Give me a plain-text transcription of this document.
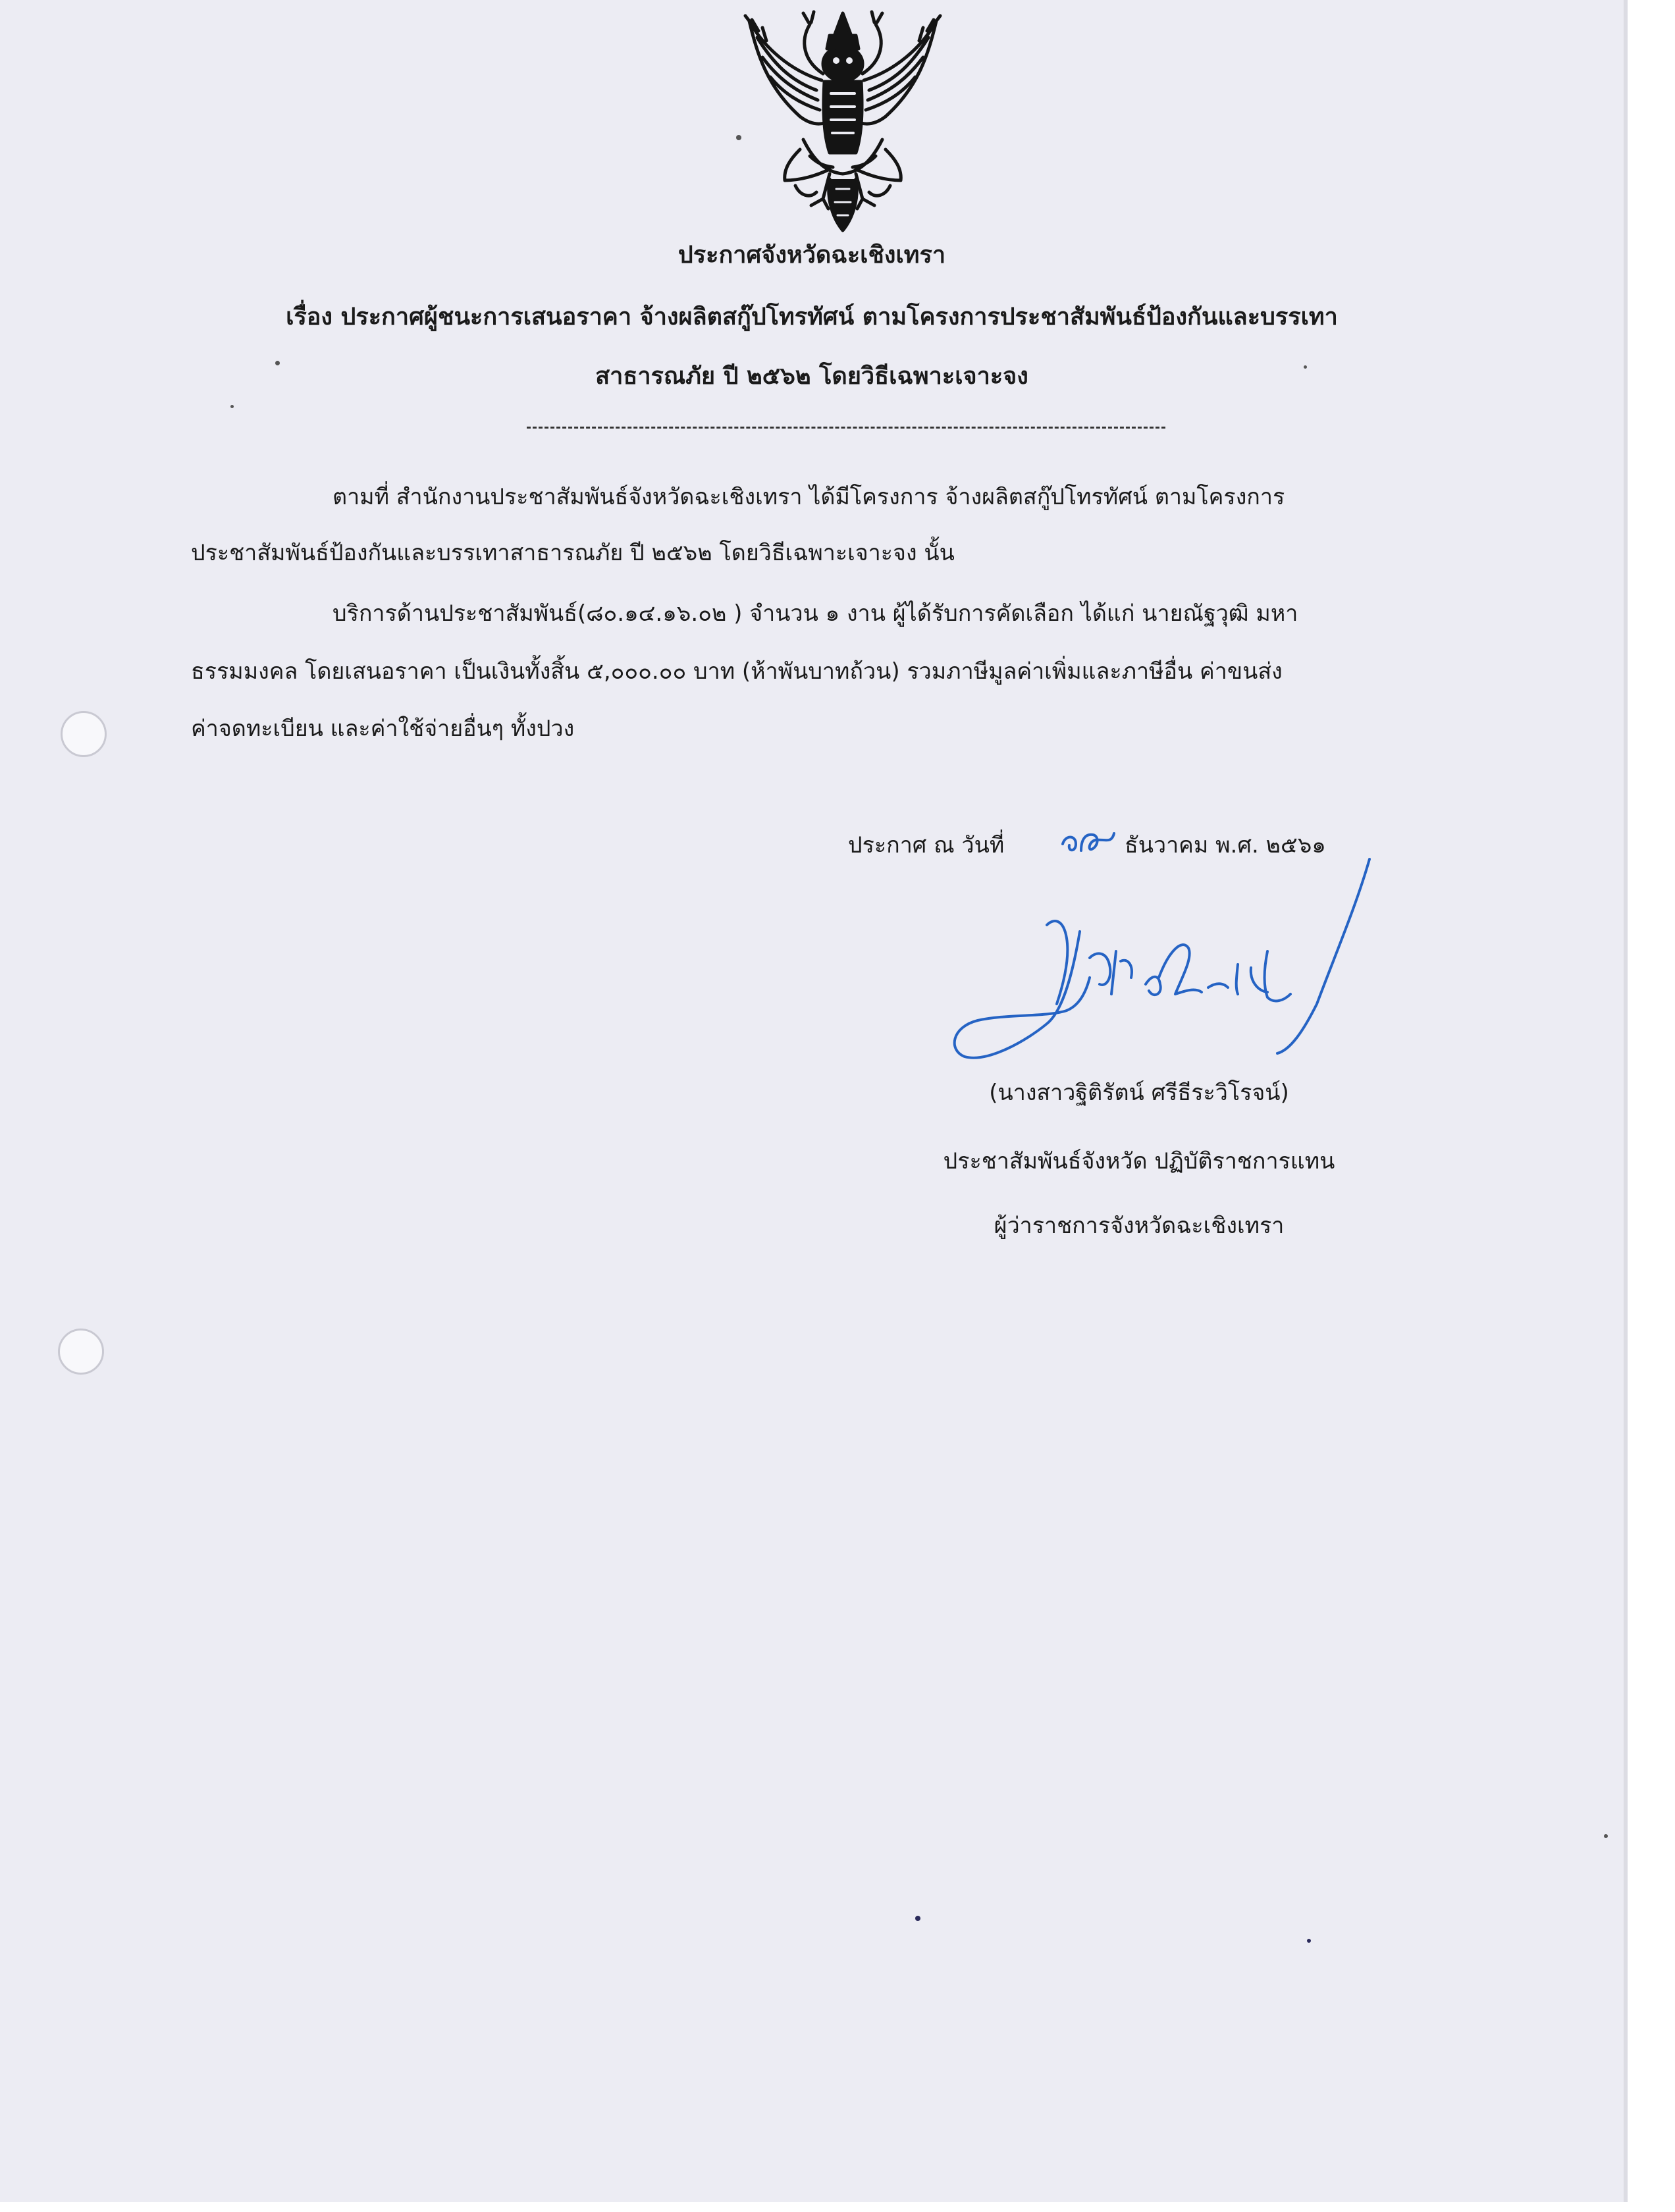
ประกาศจังหวัดฉะเชิงเทรา
เรื่อง ประกาศผู้ชนะการเสนอราคา จ้างผลิตสกู๊ปโทรทัศน์ ตามโครงการประชาสัมพันธ์ป้องกันและบรรเทา
สาธารณภัย ปี ๒๕๖๒ โดยวิธีเฉพาะเจาะจง
ตามที่ สำนักงานประชาสัมพันธ์จังหวัดฉะเชิงเทรา ได้มีโครงการ จ้างผลิตสกู๊ปโทรทัศน์ ตามโครงการ
ประชาสัมพันธ์ป้องกันและบรรเทาสาธารณภัย ปี ๒๕๖๒ โดยวิธีเฉพาะเจาะจง นั้น
บริการด้านประชาสัมพันธ์(๘๐.๑๔.๑๖.๐๒ ) จำนวน ๑ งาน ผู้ได้รับการคัดเลือก ได้แก่ นายณัฐวุฒิ มหา
ธรรมมงคล โดยเสนอราคา เป็นเงินทั้งสิ้น ๕,๐๐๐.๐๐ บาท (ห้าพันบาทถ้วน) รวมภาษีมูลค่าเพิ่มและภาษีอื่น ค่าขนส่ง
ค่าจดทะเบียน และค่าใช้จ่ายอื่นๆ ทั้งปวง
ประกาศ ณ วันที่	ธันวาคม พ.ศ. ๒๕๖๑
(นางสาวฐิติรัตน์ ศรีธีระวิโรจน์)
ประชาสัมพันธ์จังหวัด ปฏิบัติราชการแทน
ผู้ว่าราชการจังหวัดฉะเชิงเทรา
